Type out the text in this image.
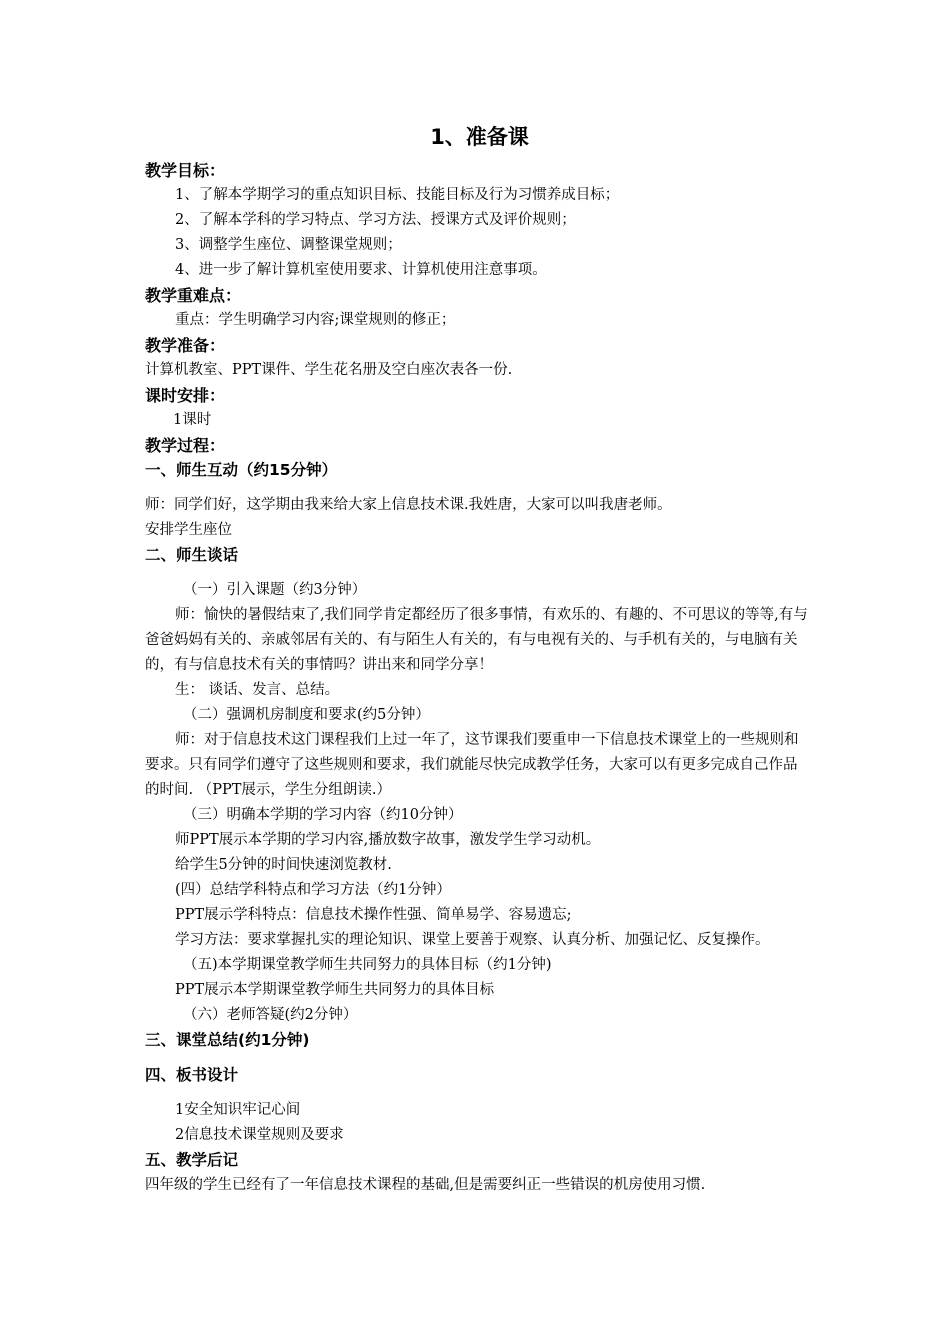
1、准备课
教学目标：

1、了解本学期学习的重点知识目标、技能目标及行为习惯养成目标；

2、了解本学科的学习特点、学习方法、授课方式及评价规则；

3、调整学生座位、调整课堂规则；

4、进一步了解计算机室使用要求、计算机使用注意事项。

教学重难点：

重点：学生明确学习内容;课堂规则的修正；

教学准备：

计算机教室、PPT课件、学生花名册及空白座次表各一份.

课时安排：

1课时

教学过程：
一、师生互动（约15分钟）

师：同学们好，这学期由我来给大家上信息技术课.我姓唐，大家可以叫我唐老师。

安排学生座位

二、师生谈话

（一）引入课题（约3分钟）

师：愉快的暑假结束了,我们同学肯定都经历了很多事情，有欢乐的、有趣的、不可思议的等等,有与爸爸妈妈有关的、亲戚邻居有关的、有与陌生人有关的，有与电视有关的、与手机有关的，与电脑有关的，有与信息技术有关的事情吗？讲出来和同学分享！

生： 谈话、发言、总结。

（二）强调机房制度和要求(约5分钟）

师：对于信息技术这门课程我们上过一年了，这节课我们要重申一下信息技术课堂上的一些规则和要求。只有同学们遵守了这些规则和要求，我们就能尽快完成教学任务，大家可以有更多完成自己作品的时间. （PPT展示，学生分组朗读.）

（三）明确本学期的学习内容（约10分钟）

师PPT展示本学期的学习内容,播放数字故事，激发学生学习动机。

给学生5分钟的时间快速浏览教材.

(四）总结学科特点和学习方法（约1分钟）

PPT展示学科特点：信息技术操作性强、简单易学、容易遗忘;

学习方法：要求掌握扎实的理论知识、课堂上要善于观察、认真分析、加强记忆、反复操作。

（五)本学期课堂教学师生共同努力的具体目标（约1分钟)

PPT展示本学期课堂教学师生共同努力的具体目标

（六）老师答疑(约2分钟）

三、课堂总结(约1分钟)
四、板书设计

1安全知识牢记心间

2信息技术课堂规则及要求

五、教学后记

四年级的学生已经有了一年信息技术课程的基础,但是需要纠正一些错误的机房使用习惯.
